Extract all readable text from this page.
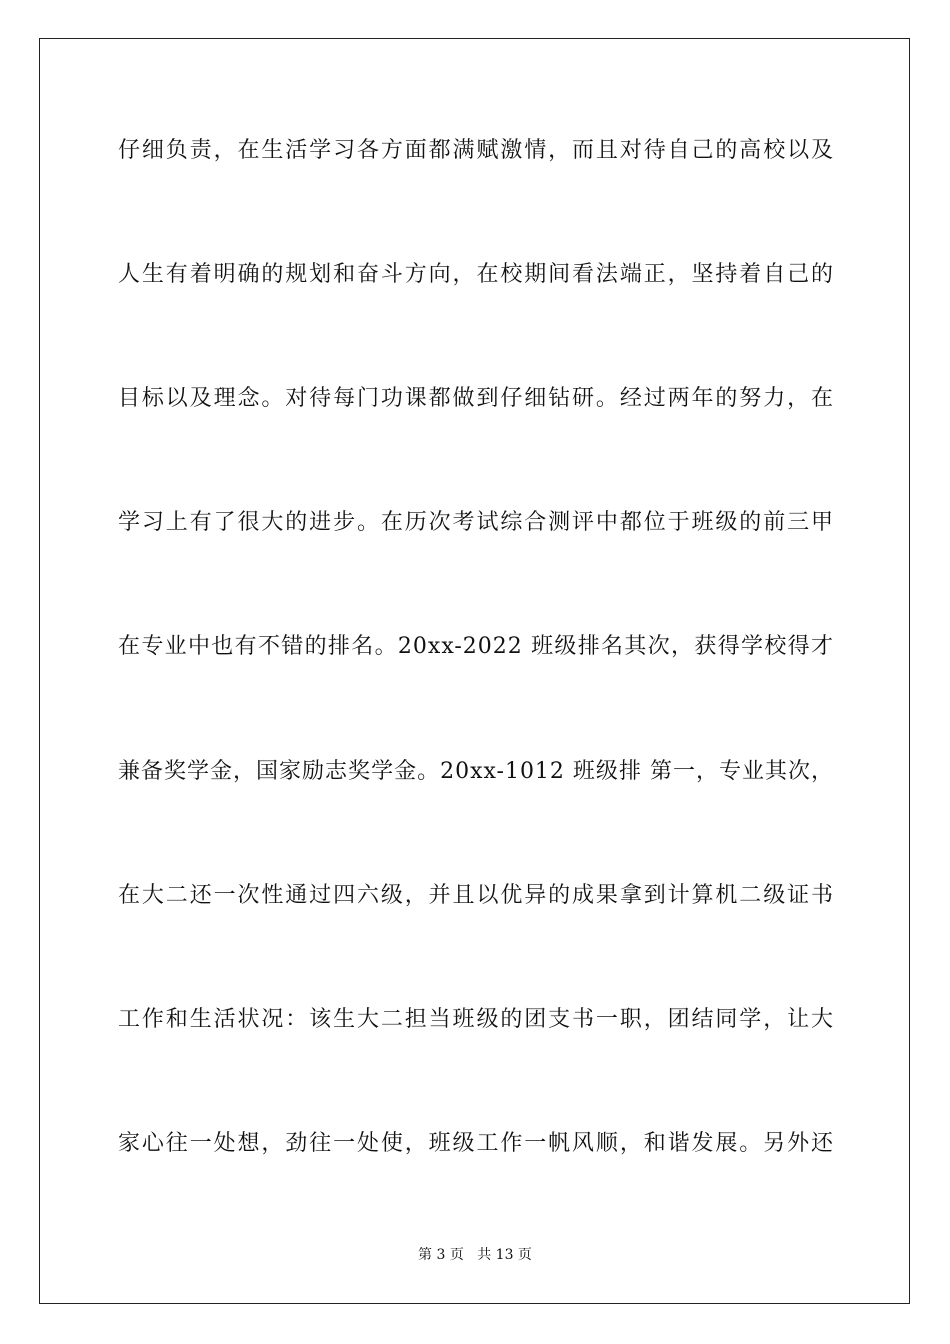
仔细负责，在生活学习各方面都满赋激情，而且对待自己的高校以及
人生有着明确的规划和奋斗方向，在校期间看法端正，坚持着自己的
目标以及理念。对待每门功课都做到仔细钻研。经过两年的努力，在
学习上有了很大的进步。在历次考试综合测评中都位于班级的前三甲
在专业中也有不错的排名。20xx-2022 班级排名其次，获得学校得才
兼备奖学金，国家励志奖学金。20xx-1012 班级排 第一，专业其次，
在大二还一次性通过四六级，并且以优异的成果拿到计算机二级证书
工作和生活状况：该生大二担当班级的团支书一职，团结同学，让大
家心往一处想，劲往一处使，班级工作一帆风顺，和谐发展。另外还
第 3 页 共 13 页
